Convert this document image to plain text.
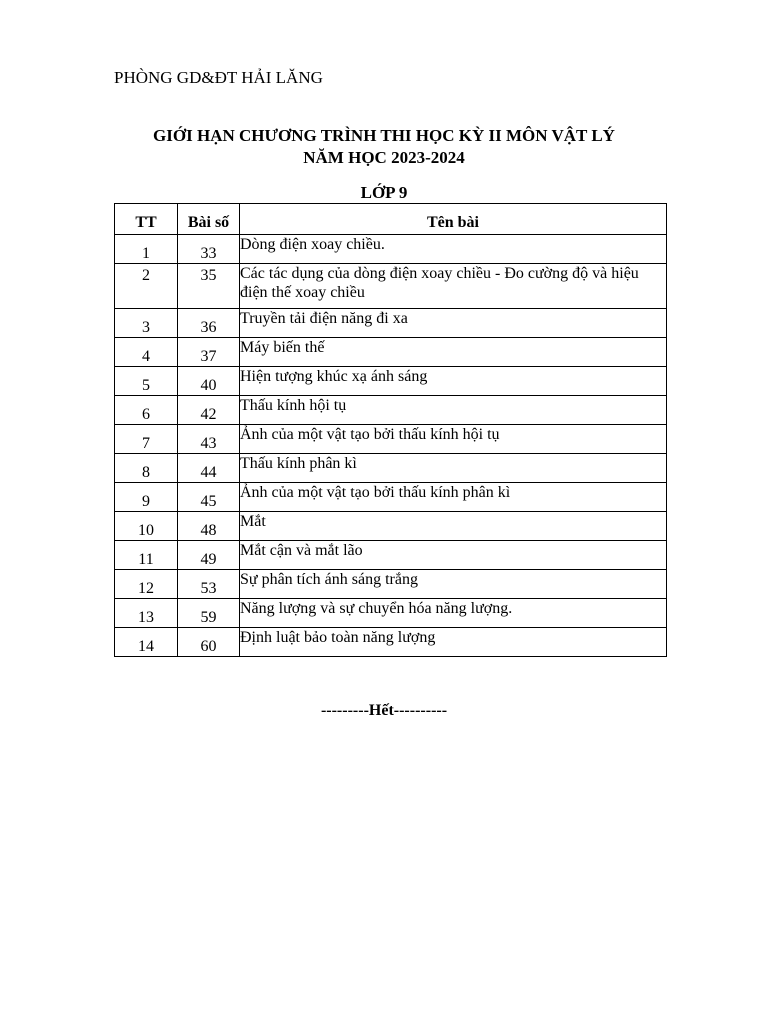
PHÒNG GD&ĐT HẢI LĂNG
GIỚI HẠN CHƯƠNG TRÌNH THI HỌC KỲ II MÔN VẬT LÝ
NĂM HỌC 2023-2024
LỚP 9
TT	Bài số	Tên bài
1	33	Dòng điện xoay chiều.
2	35	Các tác dụng của dòng điện xoay chiều - Đo cường độ và hiệu điện thế xoay chiều
3	36	Truyền tải điện năng đi xa
4	37	Máy biến thế
5	40	Hiện tượng khúc xạ ánh sáng
6	42	Thấu kính hội tụ
7	43	Ảnh của một vật tạo bởi thấu kính hội tụ
8	44	Thấu kính phân kì
9	45	Ảnh của một vật tạo bởi thấu kính phân kì
10	48	Mắt
11	49	Mắt cận và mắt lão
12	53	Sự phân tích ánh sáng trắng
13	59	Năng lượng và sự chuyển hóa năng lượng.
14	60	Định luật bảo toàn năng lượng
---------Hết----------
